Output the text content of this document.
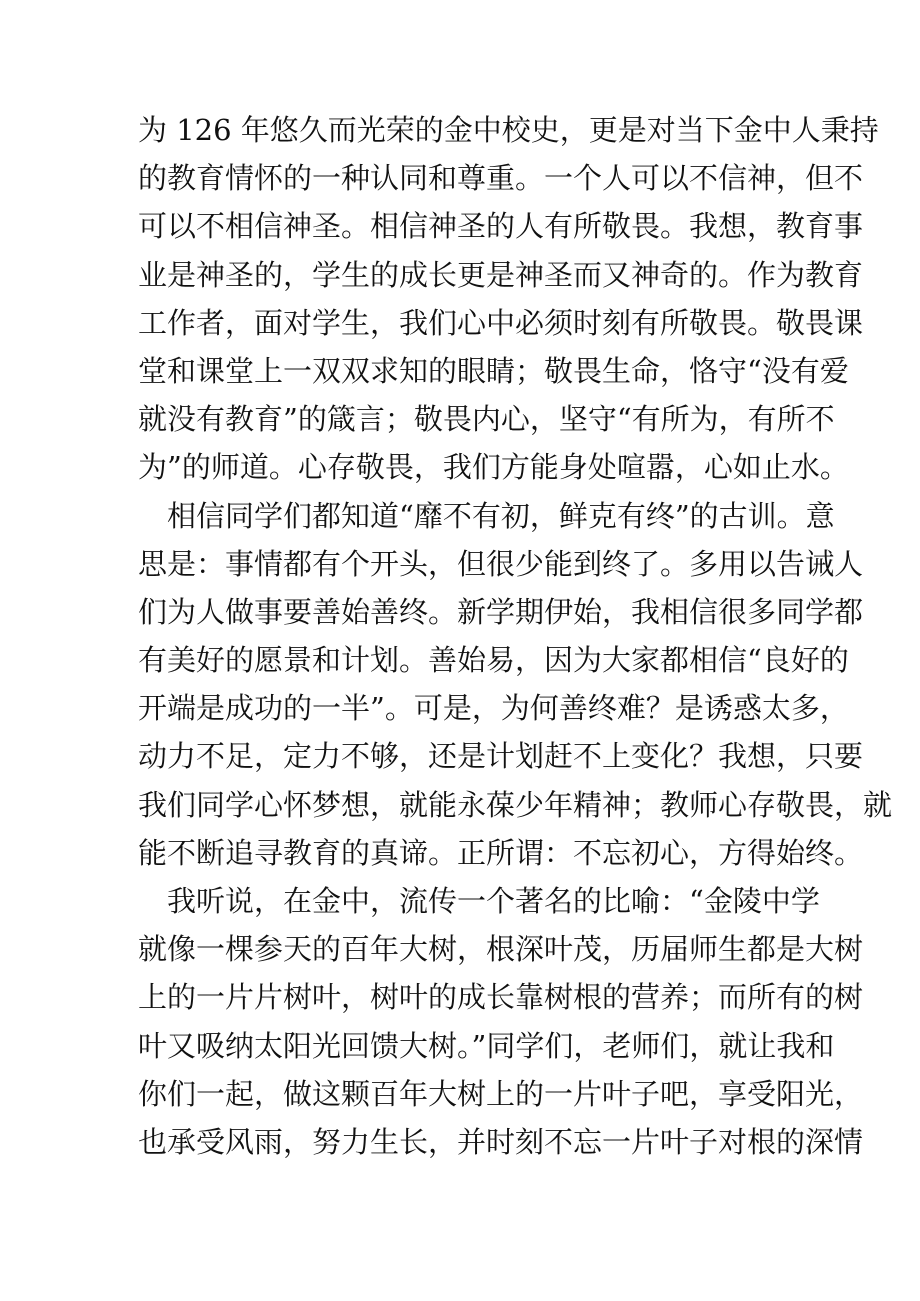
为 126 年悠久而光荣的金中校史，更是对当下金中人秉持
的教育情怀的一种认同和尊重。一个人可以不信神，但不
可以不相信神圣。相信神圣的人有所敬畏。我想，教育事
业是神圣的，学生的成长更是神圣而又神奇的。作为教育
工作者，面对学生，我们心中必须时刻有所敬畏。敬畏课
堂和课堂上一双双求知的眼睛；敬畏生命，恪守“没有爱
就没有教育”的箴言；敬畏内心，坚守“有所为，有所不
为”的师道。心存敬畏，我们方能身处喧嚣，心如止水。
相信同学们都知道“靡不有初，鲜克有终”的古训。意
思是：事情都有个开头，但很少能到终了。多用以告诫人
们为人做事要善始善终。新学期伊始，我相信很多同学都
有美好的愿景和计划。善始易，因为大家都相信“良好的
开端是成功的一半”。可是，为何善终难？是诱惑太多，
动力不足，定力不够，还是计划赶不上变化？我想，只要
我们同学心怀梦想，就能永葆少年精神；教师心存敬畏，就
能不断追寻教育的真谛。正所谓：不忘初心，方得始终。
我听说，在金中，流传一个著名的比喻：“金陵中学
就像一棵参天的百年大树，根深叶茂，历届师生都是大树
上的一片片树叶，树叶的成长靠树根的营养；而所有的树
叶又吸纳太阳光回馈大树。”同学们，老师们，就让我和
你们一起，做这颗百年大树上的一片叶子吧，享受阳光，
也承受风雨，努力生长，并时刻不忘一片叶子对根的深情
